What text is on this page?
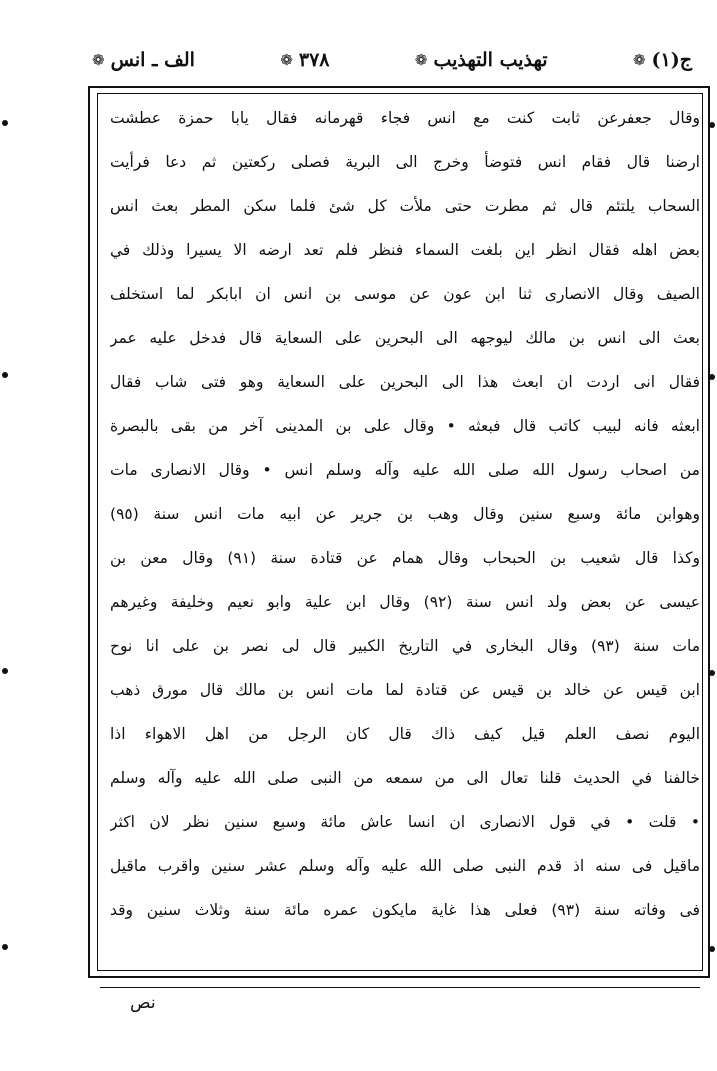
ج(١)
❁
تهذيب التهذيب
❁
٣٧٨
❁
الف ـ انس
❁
وقال جعفرعن ثابت كنت مع انس فجاء قهرمانه فقال يابا حمزة عطشت
ارضنا قال فقام انس فتوضأ وخرج الى البرية فصلى ركعتين ثم دعا فرأيت
السحاب يلتئم قال ثم مطرت حتى ملأت كل شئ فلما سكن المطر بعث انس
بعض اهله فقال انظر اين بلغت السماء فنظر فلم تعد ارضه الا يسيرا وذلك في
الصيف وقال الانصارى ثنا ابن عون عن موسى بن انس ان ابابكر لما استخلف
بعث الى انس بن مالك ليوجهه الى البحرين على السعاية قال فدخل عليه عمر
فقال انى اردت ان ابعث هذا الى البحرين على السعاية وهو فتى شاب فقال
ابعثه فانه لبيب كاتب قال فبعثه • وقال على بن المدينى آخر من بقى بالبصرة
من اصحاب رسول الله صلى الله عليه وآله وسلم انس • وقال الانصارى مات
وهوابن مائة وسبع سنين وقال وهب بن جرير عن ابيه مات انس سنة (٩٥)
وكذا قال شعيب بن الحبحاب وقال همام عن قتادة سنة (٩١) وقال معن بن
عيسى عن بعض ولد انس سنة (٩٢) وقال ابن علية وابو نعيم وخليفة وغيرهم
مات سنة (٩٣) وقال البخارى في التاريخ الكبير قال لى نصر بن على انا نوح
ابن قيس عن خالد بن قيس عن قتادة لما مات انس بن مالك قال مورق ذهب
اليوم نصف العلم قيل كيف ذاك قال كان الرجل من اهل الاهواء اذا
خالفنا في الحديث قلنا تعال الى من سمعه من النبى صلى الله عليه وآله وسلم
• قلت • في قول الانصارى ان انسا عاش مائة وسبع سنين نظر لان اكثر
ماقيل فى سنه اذ قدم النبى صلى الله عليه وآله وسلم عشر سنين واقرب ماقيل
فى وفاته سنة (٩٣) فعلى هذا غاية مايكون عمره مائة سنة وثلاث سنين وقد
نص
